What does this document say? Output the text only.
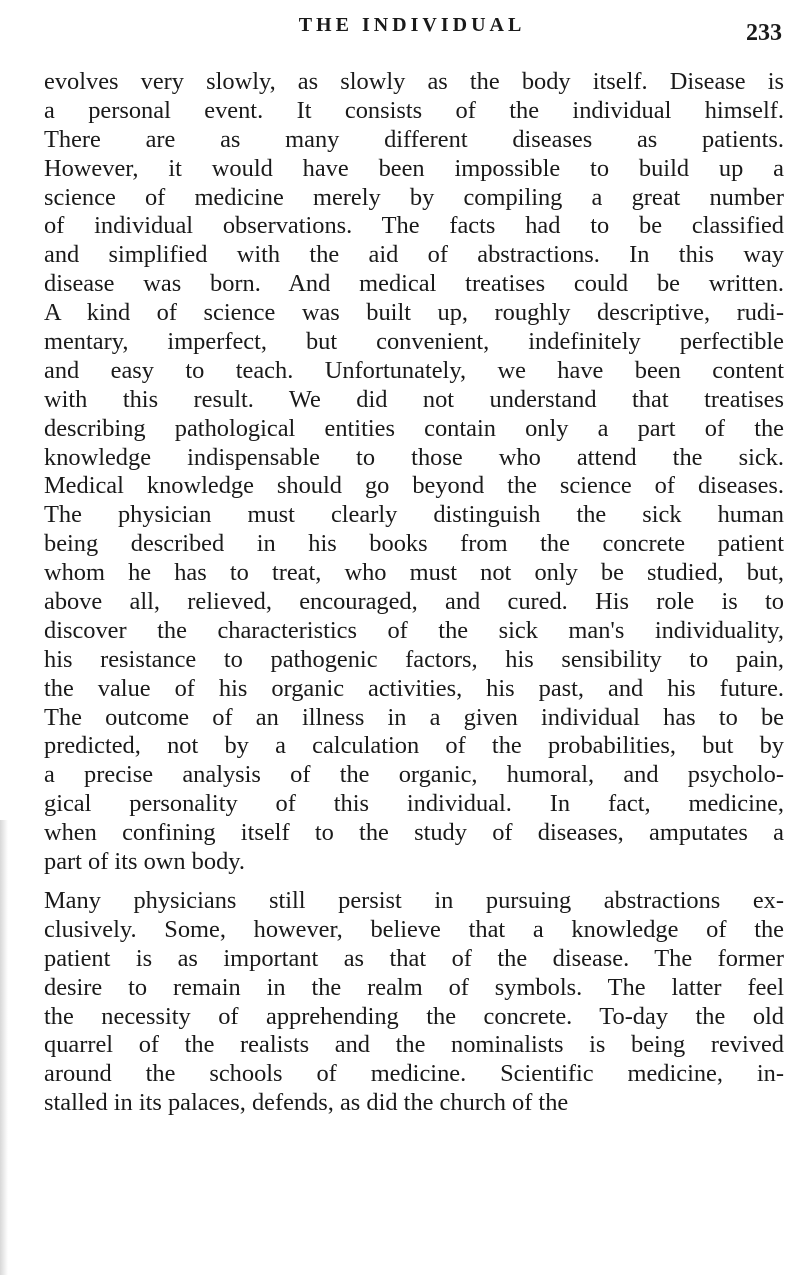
THE INDIVIDUAL	233
evolves very slowly, as slowly as the body itself. Disease is
a personal event. It consists of the individual himself.
There are as many different diseases as patients.
However, it would have been impossible to build up a
science of medicine merely by compiling a great number
of individual observations. The facts had to be classified
and simplified with the aid of abstractions. In this way
disease was born. And medical treatises could be written.
A kind of science was built up, roughly descriptive, rudi-
mentary, imperfect, but convenient, indefinitely perfectible
and easy to teach. Unfortunately, we have been content
with this result. We did not understand that treatises
describing pathological entities contain only a part of the
knowledge indispensable to those who attend the sick.
Medical knowledge should go beyond the science of diseases.
The physician must clearly distinguish the sick human
being described in his books from the concrete patient
whom he has to treat, who must not only be studied, but,
above all, relieved, encouraged, and cured. His role is to
discover the characteristics of the sick man's individuality,
his resistance to pathogenic factors, his sensibility to pain,
the value of his organic activities, his past, and his future.
The outcome of an illness in a given individual has to be
predicted, not by a calculation of the probabilities, but by
a precise analysis of the organic, humoral, and psycholo-
gical personality of this individual. In fact, medicine,
when confining itself to the study of diseases, amputates a
part of its own body.
Many physicians still persist in pursuing abstractions ex-
clusively. Some, however, believe that a knowledge of the
patient is as important as that of the disease. The former
desire to remain in the realm of symbols. The latter feel
the necessity of apprehending the concrete. To-day the old
quarrel of the realists and the nominalists is being revived
around the schools of medicine. Scientific medicine, in-
stalled in its palaces, defends, as did the church of the
